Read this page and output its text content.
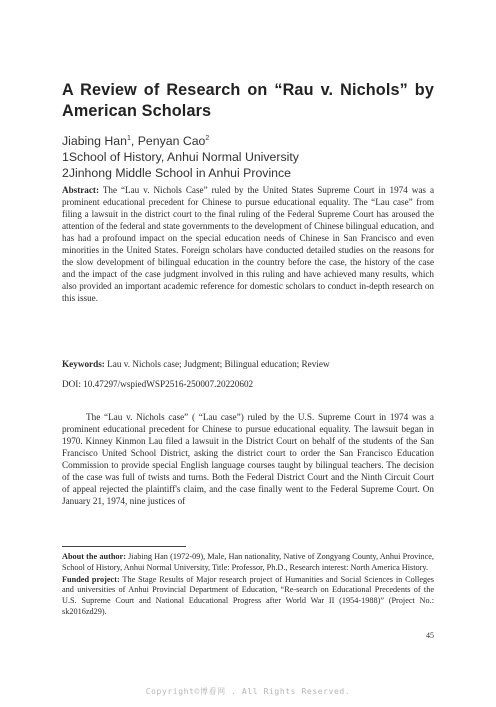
A Review of Research on “Rau v. Nichols” by American Scholars
Jiabing Han$^1$, Penyan Cao$^2$
1School of History, Anhui Normal University
2Jinhong Middle School in Anhui Province
Abstract: The “Lau v. Nichols Case” ruled by the United States Supreme Court in 1974 was a prominent educational precedent for Chinese to pursue educational equality. The “Lau case” from filing a lawsuit in the district court to the final ruling of the Federal Supreme Court has aroused the attention of the federal and state governments to the development of Chinese bilingual education, and has had a profound impact on the special education needs of Chinese in San Francisco and even minorities in the United States. Foreign scholars have conducted detailed studies on the reasons for the slow development of bilingual education in the country before the case, the history of the case and the impact of the case judgment involved in this ruling and have achieved many results, which also provided an important academic reference for domestic scholars to conduct in-depth research on this issue.
Keywords: Lau v. Nichols case; Judgment; Bilingual education; Review
DOI: 10.47297/wspiedWSP2516-250007.20220602
The “Lau v. Nichols case” ( “Lau case”) ruled by the U.S. Supreme Court in 1974 was a prominent educational precedent for Chinese to pursue educational equality. The lawsuit began in 1970. Kinney Kinmon Lau filed a lawsuit in the District Court on behalf of the students of the San Francisco United School District, asking the district court to order the San Francisco Education Commission to provide special English language courses taught by bilingual teachers. The decision of the case was full of twists and turns. Both the Federal District Court and the Ninth Circuit Court of appeal rejected the plaintiff's claim, and the case finally went to the Federal Supreme Court. On January 21, 1974, nine justices of

About the author: Jiabing Han (1972-09), Male, Han nationality, Native of Zongyang County, Anhui Province, School of History, Anhui Normal University, Title: Professor, Ph.D., Research interest: North America History.

Funded project: The Stage Results of Major research project of Humanities and Social Sciences in Colleges and universities of Anhui Provincial Department of Education, “Re-search on Educational Precedents of the U.S. Supreme Court and National Educational Progress after World War II (1954-1988)” (Project No.: sk2016zd29).

45
Copyright©博看网 . All Rights Reserved.
